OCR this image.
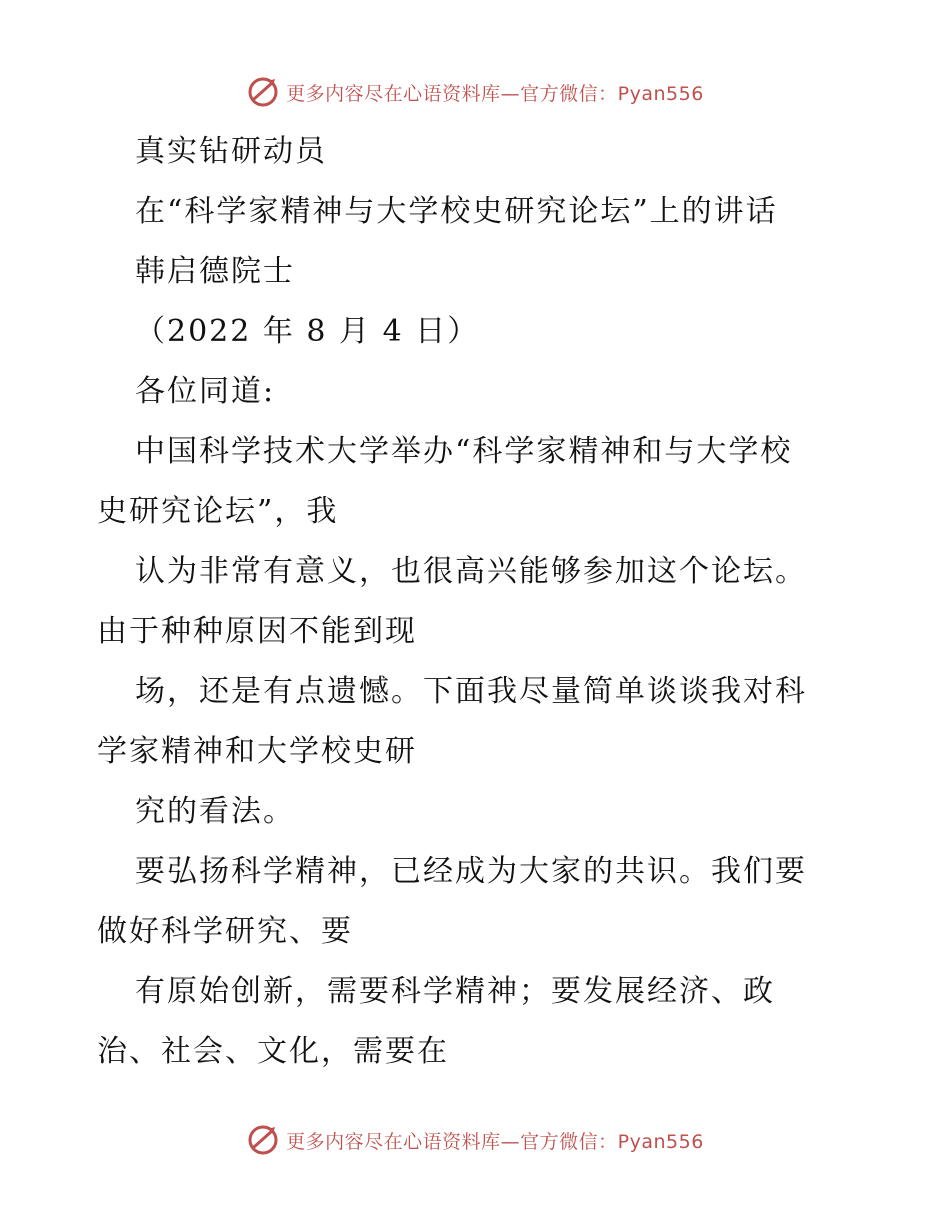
更多内容尽在心语资料库—官方微信：Pyan556
真实钻研动员
在“科学家精神与大学校史研究论坛”上的讲话
韩启德院士
（2022 年 8 月 4 日）
各位同道:
中国科学技术大学举办“科学家精神和与大学校
史研究论坛”，我
认为非常有意义，也很高兴能够参加这个论坛。
由于种种原因不能到现
场，还是有点遗憾。下面我尽量简单谈谈我对科
学家精神和大学校史研
究的看法。
要弘扬科学精神，已经成为大家的共识。我们要
做好科学研究、要
有原始创新，需要科学精神；要发展经济、政
治、社会、文化，需要在
更多内容尽在心语资料库—官方微信：Pyan556
